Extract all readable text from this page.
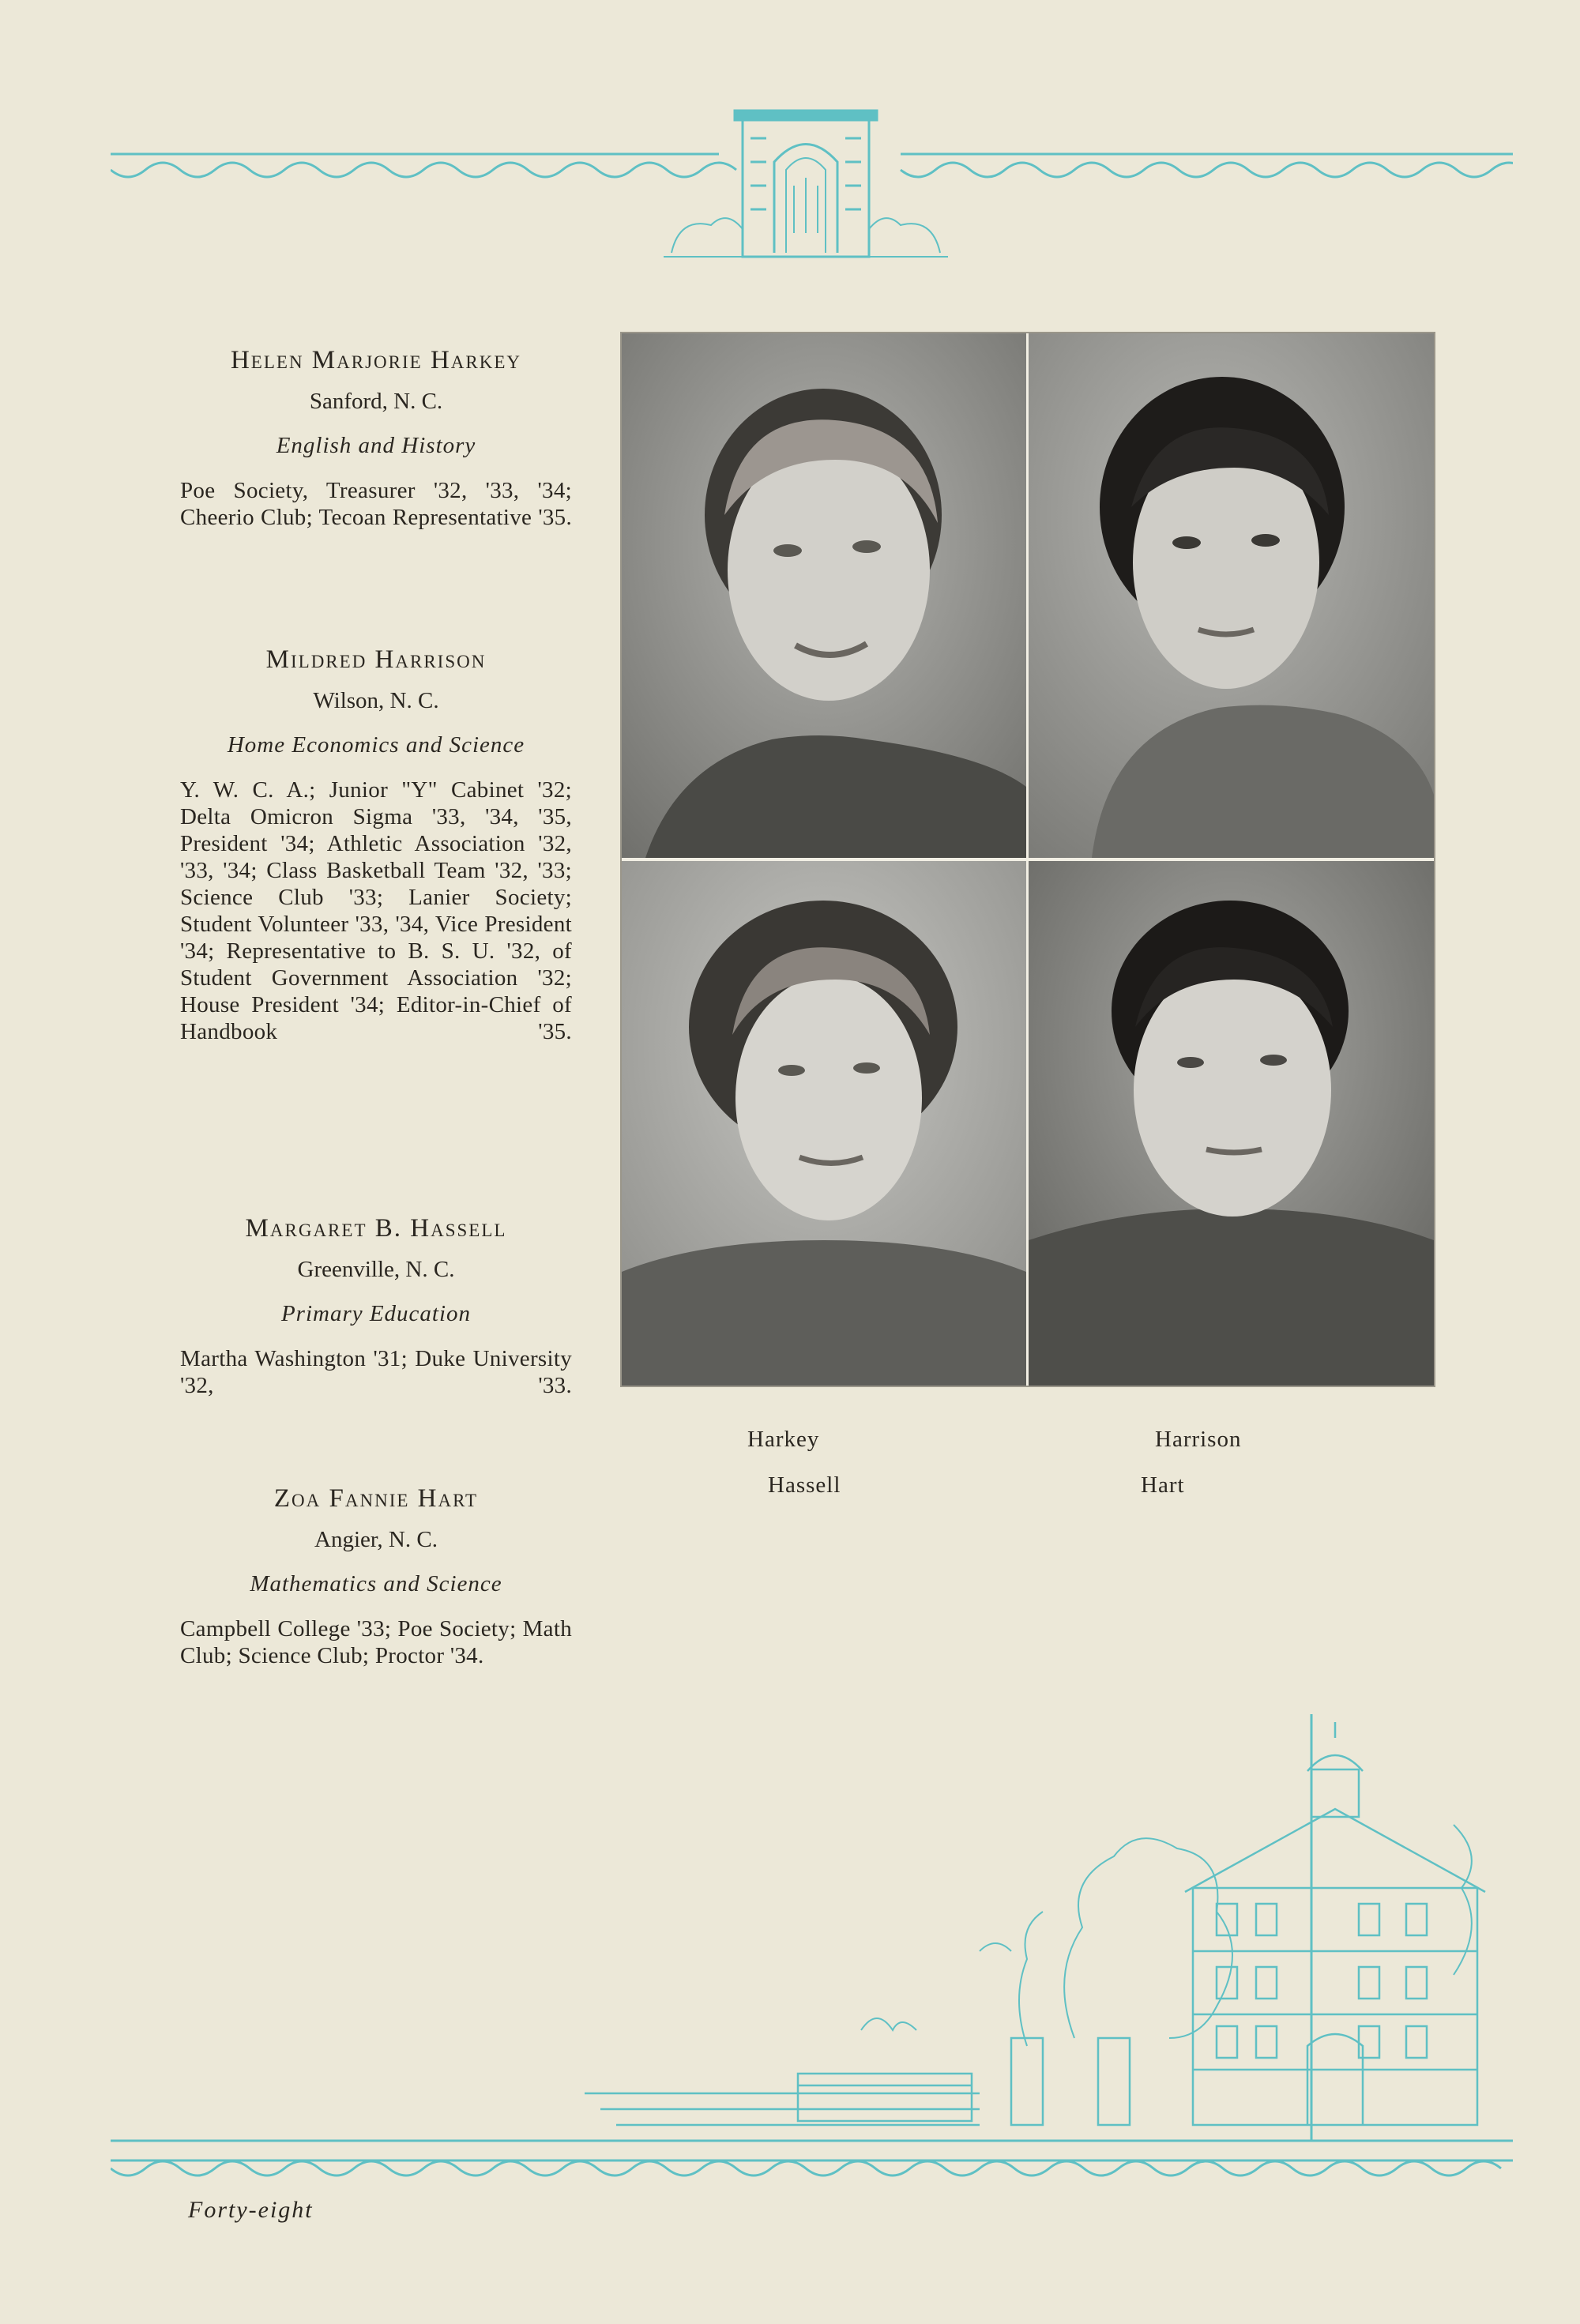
Helen Marjorie Harkey
Sanford, N. C.
English and History
Poe Society, Treasurer '32, '33, '34; Cheerio Club; Tecoan Representative '35.
Mildred Harrison
Wilson, N. C.
Home Economics and Science
Y. W. C. A.; Junior "Y" Cabinet '32; Delta Omicron Sigma '33, '34, '35, President '34; Athletic Association '32, '33, '34; Class Basketball Team '32, '33; Science Club '33; Lanier Society; Student Volunteer '33, '34, Vice President '34; Representative to B. S. U. '32, of Student Government Association '32; House President '34; Editor-in-Chief of Handbook '35.
Margaret B. Hassell
Greenville, N. C.
Primary Education
Martha Washington '31; Duke University '32, '33.
Zoa Fannie Hart
Angier, N. C.
Mathematics and Science
Campbell College '33; Poe Society; Math Club; Science Club; Proctor '34.
Harkey	Harrison
Hassell	Hart
Forty-eight
